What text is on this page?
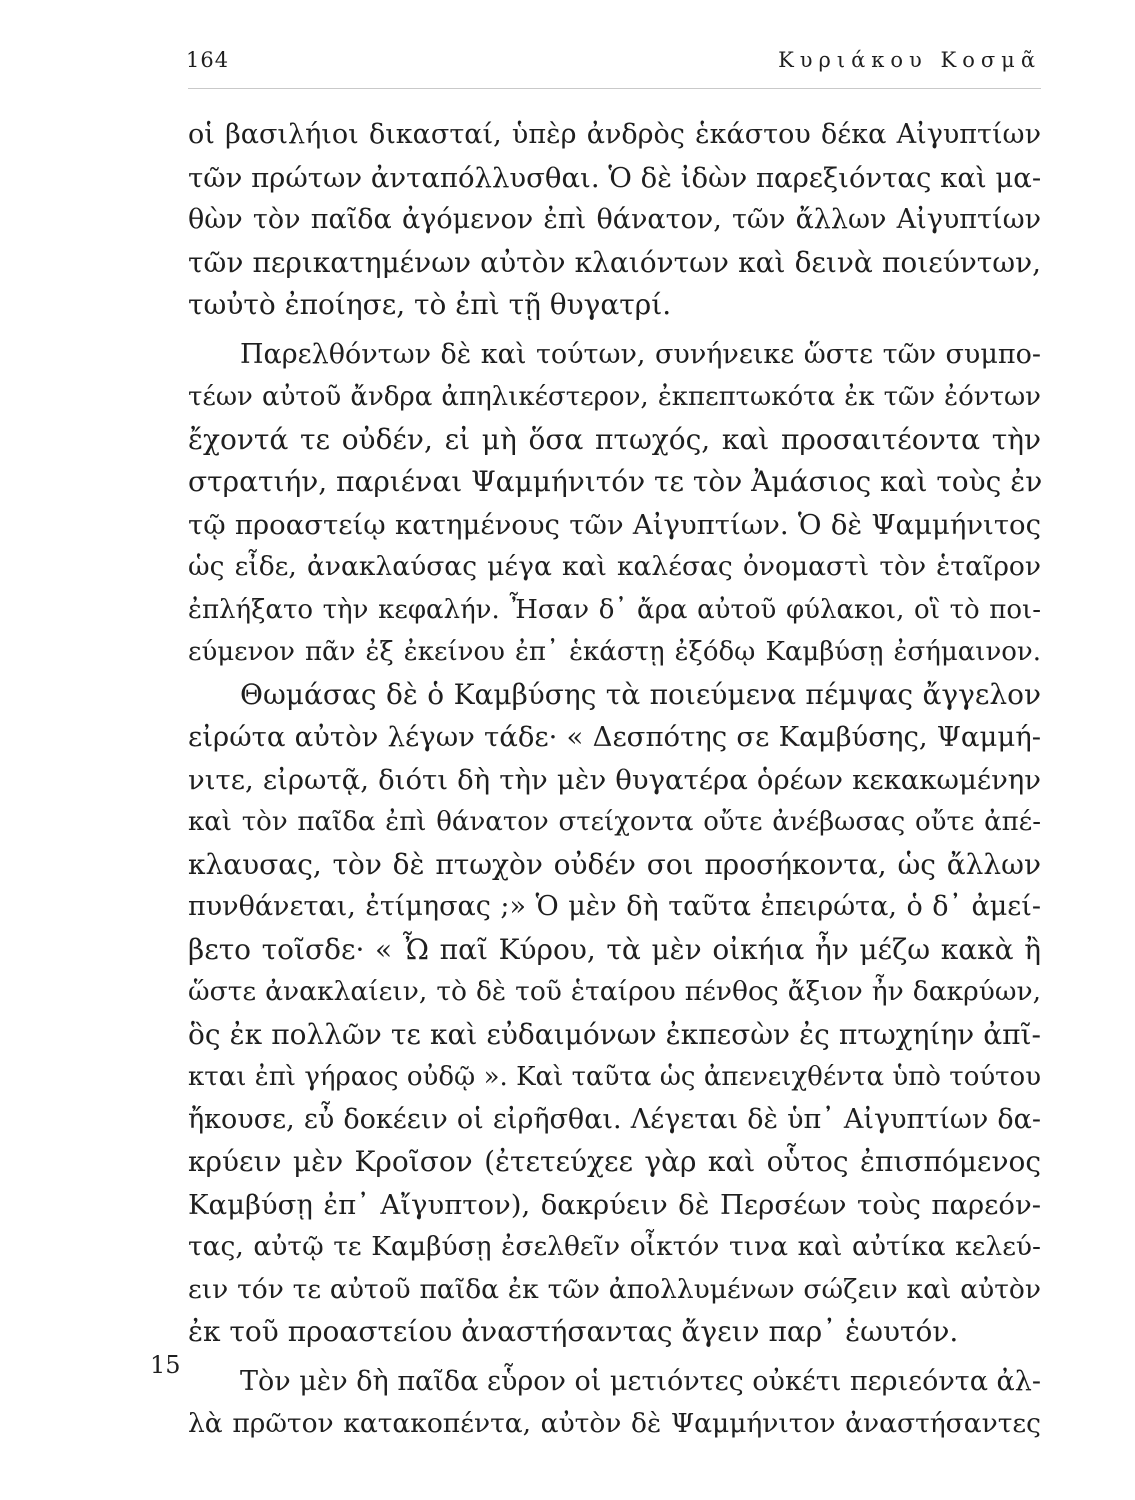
164	Κυριάκου Κοσμᾶ
15
οἱ βασιλήιοι δικασταί, ὑπὲρ ἀνδρὸς ἑκάστου δέκα Αἰγυπτίων
τῶν πρώτων ἀνταπόλλυσθαι. Ὁ δὲ ἰδὼν παρεξιόντας καὶ μα-
θὼν τὸν παῖδα ἀγόμενον ἐπὶ θάνατον, τῶν ἄλλων Αἰγυπτίων
τῶν περικατημένων αὐτὸν κλαιόντων καὶ δεινὰ ποιεύντων,
τωὐτὸ ἐποίησε, τὸ ἐπὶ τῇ θυγατρί.
Παρελθόντων δὲ καὶ τούτων, συνήνεικε ὥστε τῶν συμπο-
τέων αὐτοῦ ἄνδρα ἀπηλικέστερον, ἐκπεπτωκότα ἐκ τῶν ἐόντων
ἔχοντά τε οὐδέν, εἰ μὴ ὅσα πτωχός, καὶ προσαιτέοντα τὴν
στρατιήν, παριέναι Ψαμμήνιτόν τε τὸν Ἀμάσιος καὶ τοὺς ἐν
τῷ προαστείῳ κατημένους τῶν Αἰγυπτίων. Ὁ δὲ Ψαμμήνιτος
ὡς εἶδε, ἀνακλαύσας μέγα καὶ καλέσας ὀνομαστὶ τὸν ἑταῖρον
ἐπλήξατο τὴν κεφαλήν. Ἦσαν δ᾽ ἄρα αὐτοῦ φύλακοι, οἳ τὸ ποι-
εύμενον πᾶν ἐξ ἐκείνου ἐπ᾽ ἑκάστῃ ἐξόδῳ Καμβύσῃ ἐσήμαινον.
Θωμάσας δὲ ὁ Καμβύσης τὰ ποιεύμενα πέμψας ἄγγελον
εἰρώτα αὐτὸν λέγων τάδε· « Δεσπότης σε Καμβύσης, Ψαμμή-
νιτε, εἰρωτᾷ, διότι δὴ τὴν μὲν θυγατέρα ὁρέων κεκακωμένην
καὶ τὸν παῖδα ἐπὶ θάνατον στείχοντα οὔτε ἀνέβωσας οὔτε ἀπέ-
κλαυσας, τὸν δὲ πτωχὸν οὐδέν σοι προσήκοντα, ὡς ἄλλων
πυνθάνεται, ἐτίμησας ;» Ὁ μὲν δὴ ταῦτα ἐπειρώτα, ὁ δ᾽ ἀμεί-
βετο τοῖσδε· « Ὦ παῖ Κύρου, τὰ μὲν οἰκήια ἦν μέζω κακὰ ἢ
ὥστε ἀνακλαίειν, τὸ δὲ τοῦ ἑταίρου πένθος ἄξιον ἦν δακρύων,
ὃς ἐκ πολλῶν τε καὶ εὐδαιμόνων ἐκπεσὼν ἐς πτωχηίην ἀπῖ-
κται ἐπὶ γήραος οὐδῷ ». Καὶ ταῦτα ὡς ἀπενειχθέντα ὑπὸ τούτου
ἤκουσε, εὖ δοκέειν οἱ εἰρῆσθαι. Λέγεται δὲ ὑπ᾽ Αἰγυπτίων δα-
κρύειν μὲν Κροῖσον (ἐτετεύχεε γὰρ καὶ οὗτος ἐπισπόμενος
Καμβύσῃ ἐπ᾽ Αἴγυπτον), δακρύειν δὲ Περσέων τοὺς παρεόν-
τας, αὐτῷ τε Καμβύσῃ ἐσελθεῖν οἶκτόν τινα καὶ αὐτίκα κελεύ-
ειν τόν τε αὐτοῦ παῖδα ἐκ τῶν ἀπολλυμένων σώζειν καὶ αὐτὸν
ἐκ τοῦ προαστείου ἀναστήσαντας ἄγειν παρ᾽ ἑωυτόν.
Τὸν μὲν δὴ παῖδα εὗρον οἱ μετιόντες οὐκέτι περιεόντα ἀλ-
λὰ πρῶτον κατακοπέντα, αὐτὸν δὲ Ψαμμήνιτον ἀναστήσαντες
